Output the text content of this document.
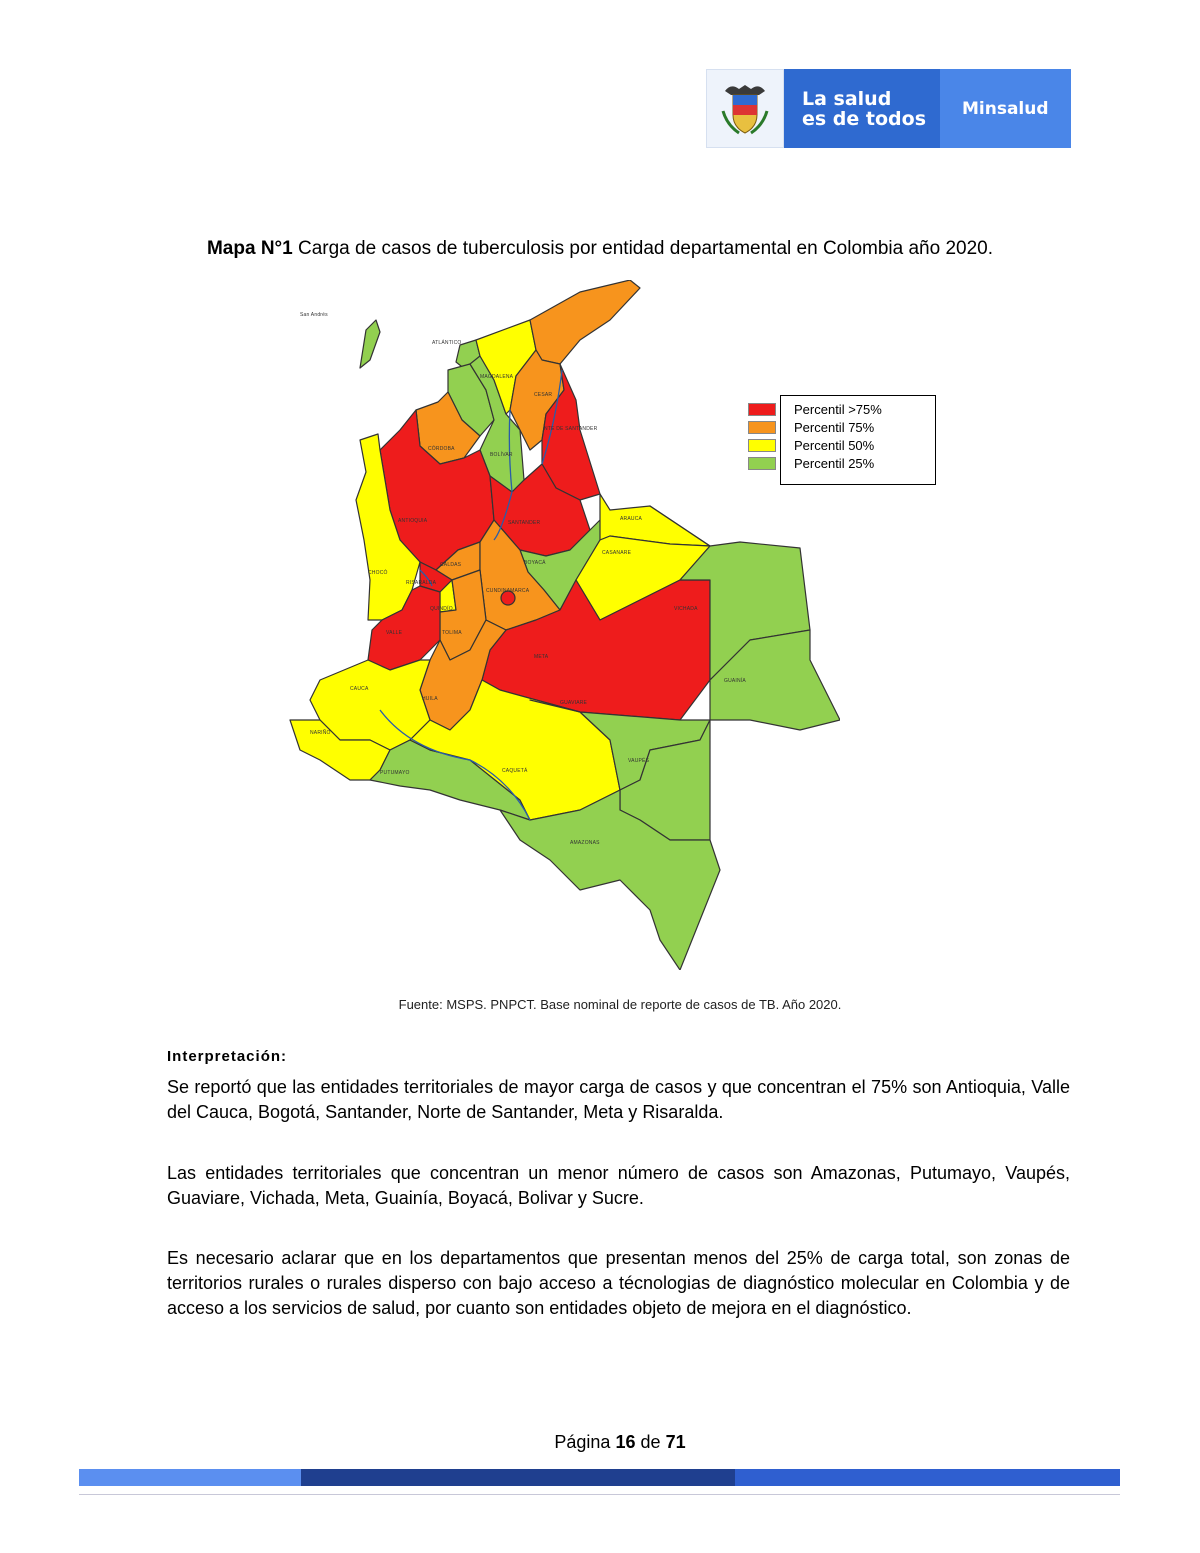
La salud
es de todos	Minsalud
Mapa N°1 Carga de casos de tuberculosis por entidad departamental en Colombia año 2020.
San Andrés
ATLÁNTICO
MAGDALENA
CESAR
CÓRDOBA
BOLÍVAR
NTE DE SANTANDER
ANTIOQUIA	SANTANDER
ARAUCA
CASANARE
BOYACÁ
CHOCÓ
CALDAS
CUNDINAMARCA
RISARALDA
QUINDÍO
TOLIMA
VICHADA
META
GUAINÍA
VALLE
CAUCA
HUILA
GUAVIARE
VAUPÉS
NARIÑO
PUTUMAYO	CAQUETÁ
AMAZONAS
Percentil >75%
Percentil 75%
Percentil 50%
Percentil 25%
Fuente: MSPS. PNPCT. Base nominal de reporte de casos de TB. Año 2020.
Interpretación:
Se reportó que las entidades territoriales de mayor carga de casos y que concentran el 75% son Antioquia, Valle del Cauca, Bogotá, Santander, Norte de Santander, Meta y Risaralda.
Las entidades territoriales que concentran un menor número de casos son Amazonas, Putumayo, Vaupés, Guaviare, Vichada, Meta, Guainía, Boyacá, Bolivar y Sucre.
Es necesario aclarar que en los departamentos que presentan menos del 25% de carga total, son zonas de territorios rurales o rurales disperso con bajo acceso a técnologias de diagnóstico molecular en Colombia y de acceso a los servicios de salud, por cuanto son entidades objeto de mejora en el diagnóstico.
Página 16 de 71
